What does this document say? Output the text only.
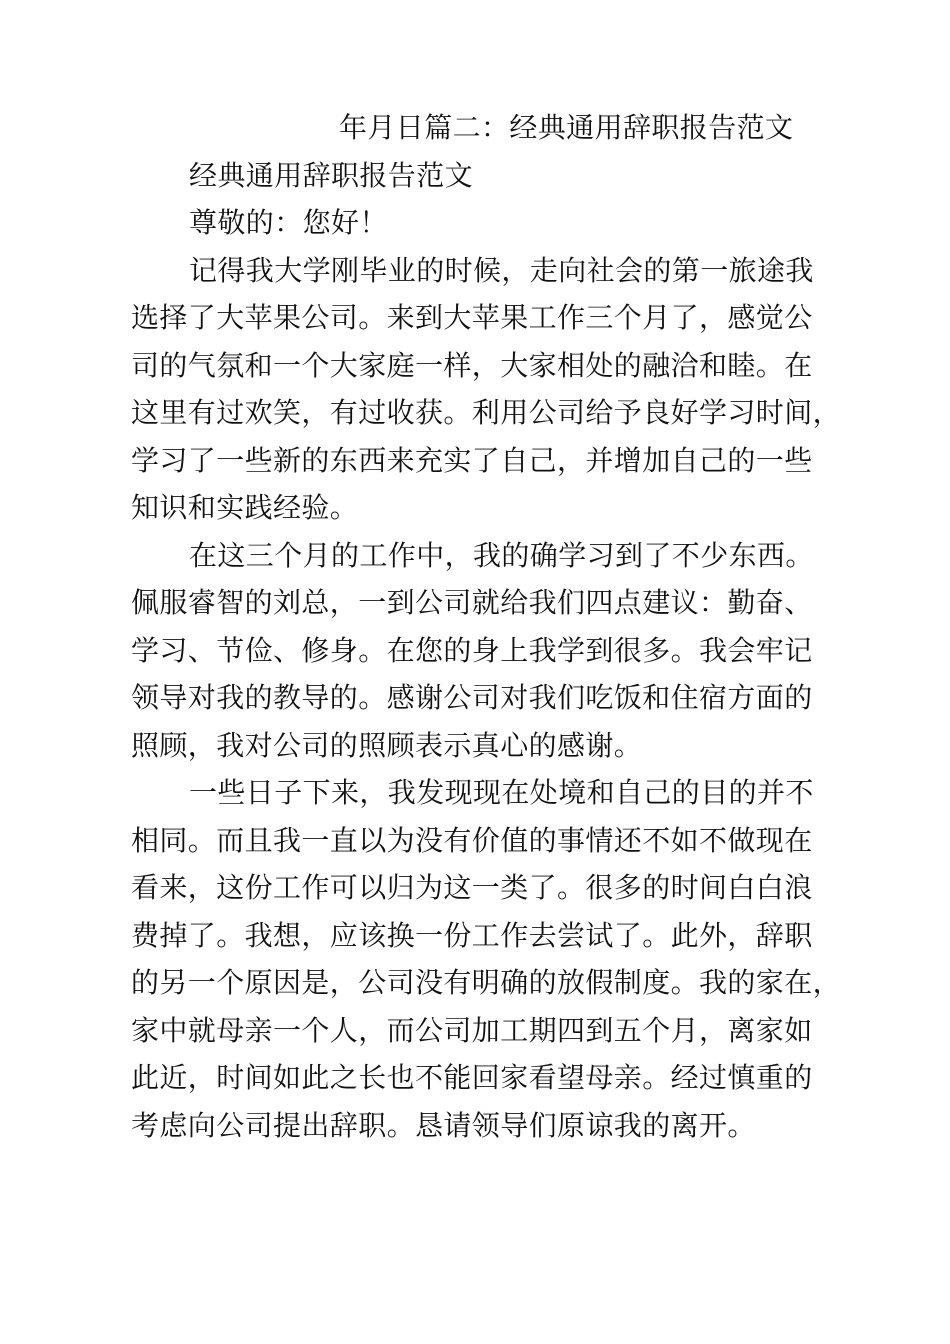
年月日篇二：经典通用辞职报告范文
经典通用辞职报告范文
尊敬的：您好！
记得我大学刚毕业的时候，走向社会的第一旅途我
选择了大苹果公司。来到大苹果工作三个月了，感觉公
司的气氛和一个大家庭一样，大家相处的融洽和睦。在
这里有过欢笑，有过收获。利用公司给予良好学习时间，
学习了一些新的东西来充实了自己，并增加自己的一些
知识和实践经验。
在这三个月的工作中，我的确学习到了不少东西。
佩服睿智的刘总，一到公司就给我们四点建议：勤奋、
学习、节俭、修身。在您的身上我学到很多。我会牢记
领导对我的教导的。感谢公司对我们吃饭和住宿方面的
照顾，我对公司的照顾表示真心的感谢。
一些日子下来，我发现现在处境和自己的目的并不
相同。而且我一直以为没有价值的事情还不如不做现在
看来，这份工作可以归为这一类了。很多的时间白白浪
费掉了。我想，应该换一份工作去尝试了。此外，辞职
的另一个原因是，公司没有明确的放假制度。我的家在，
家中就母亲一个人，而公司加工期四到五个月，离家如
此近，时间如此之长也不能回家看望母亲。经过慎重的
考虑向公司提出辞职。恳请领导们原谅我的离开。
